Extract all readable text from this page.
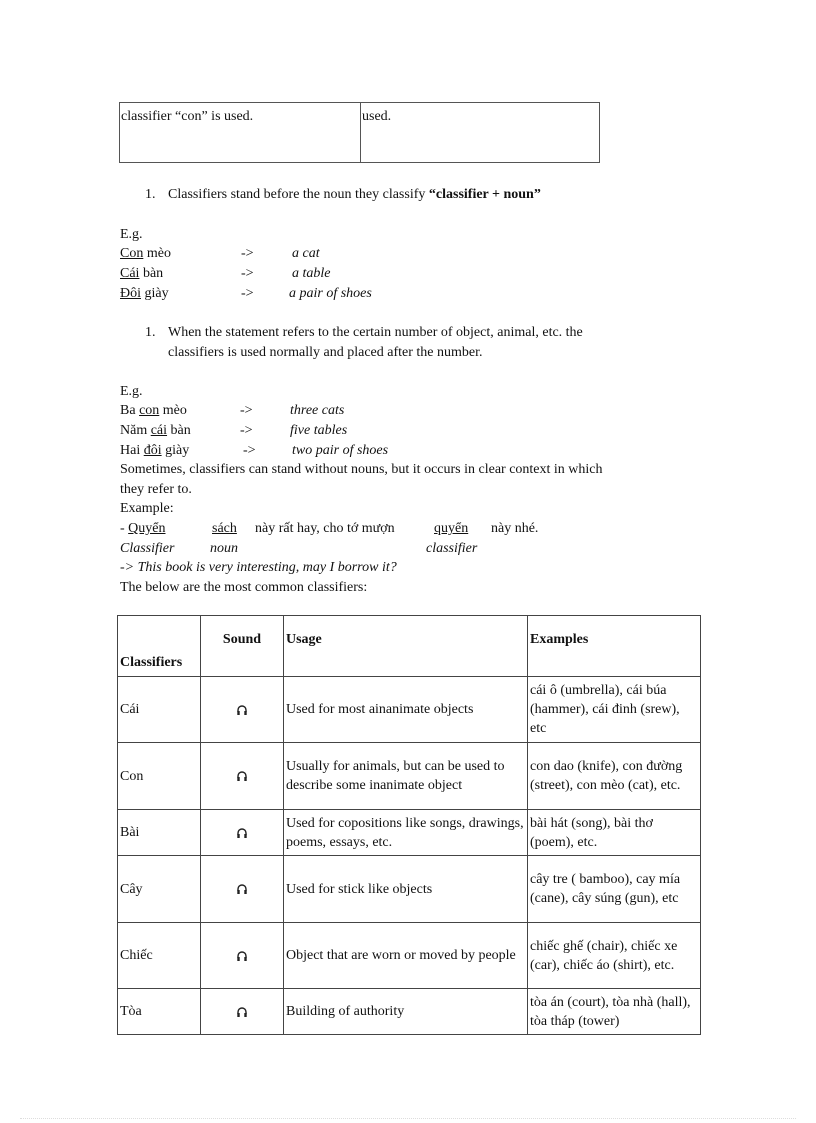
classifier “con” is used.	used.
1. Classifiers stand before the noun they classify “classifier + noun”
E.g.
Con mèo	->	a cat
Cái bàn	->	a table
Đôi giày	->	a pair of shoes
1. When the statement refers to the certain number of object, animal, etc. the
classifiers is used normally and placed after the number.
E.g.
Ba con mèo	->	three cats
Năm cái bàn	->	five tables
Hai đôi giày	->	two pair of shoes
Sometimes, classifiers can stand without nouns, but it occurs in clear context in which
they refer to.
Example:
- Quyển	sách này rất hay, cho tớ mượn	quyển này nhé.
Classifier	noun	classifier
-> This book is very interesting, may I borrow it?
The below are the most common classifiers:
Classifiers	Sound	Usage	Examples
Cái		Used for most ainanimate objects	cái ô (umbrella), cái búa (hammer), cái đinh (srew), etc
Con		Usually for animals, but can be used to describe some inanimate object	con dao (knife), con đường (street), con mèo (cat), etc.
Bài		Used for copositions like songs, drawings, poems, essays, etc.	bài hát (song), bài thơ (poem), etc.
Cây		Used for stick like objects	cây tre ( bamboo), cay mía (cane), cây súng (gun), etc
Chiếc		Object that are worn or moved by people	chiếc ghế (chair), chiếc xe (car), chiếc áo (shirt), etc.
Tòa		Building of authority	tòa án (court), tòa nhà (hall), tòa tháp (tower)
